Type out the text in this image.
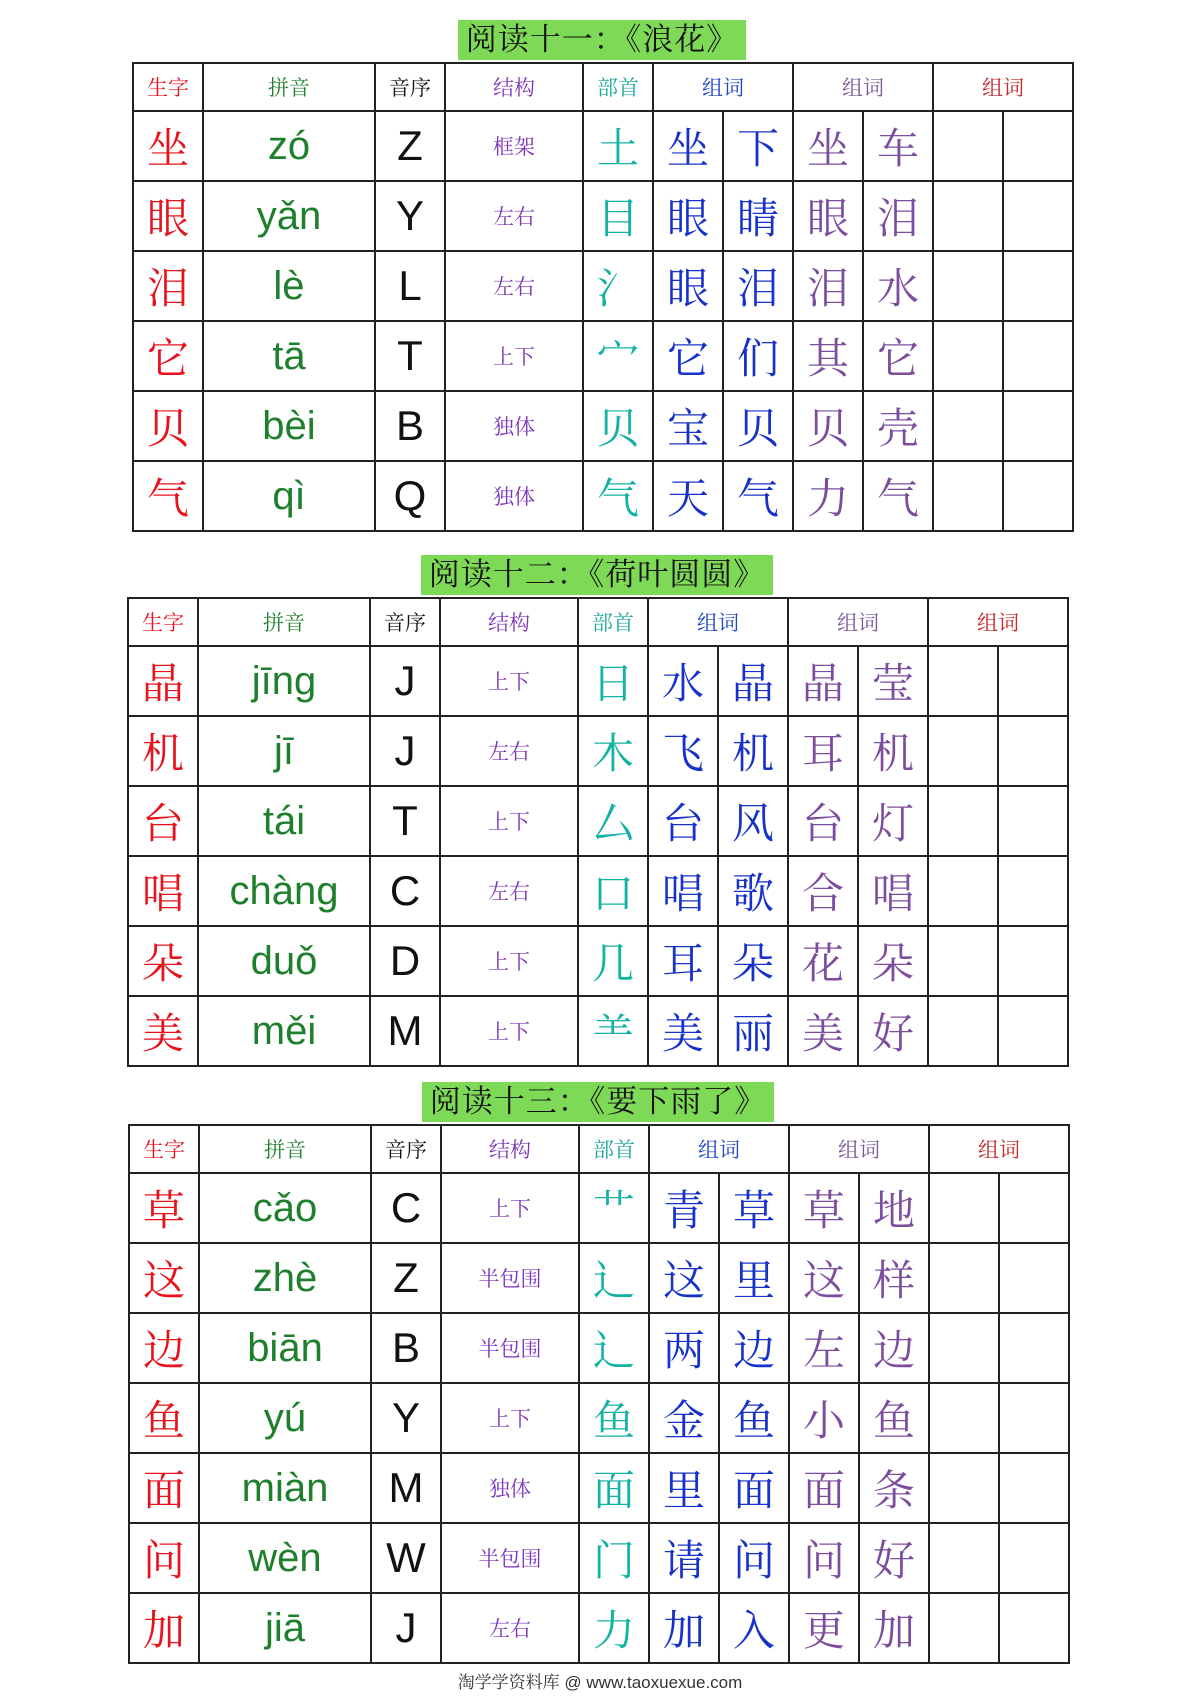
阅读十一：《浪花》
生字	拼音	音序	结构	部首	组词		组词		组词	
坐	zó	Z	框架	土	坐	下	坐	车		
眼	yǎn	Y	左右	目	眼	睛	眼	泪		
泪	lè	L	左右	氵	眼	泪	泪	水		
它	tā	T	上下	宀	它	们	其	它		
贝	bèi	B	独体	贝	宝	贝	贝	壳		
气	qì	Q	独体	气	天	气	力	气		
阅读十二：《荷叶圆圆》
生字	拼音	音序	结构	部首	组词		组词		组词	
晶	jīng	J	上下	日	水	晶	晶	莹		
机	jī	J	左右	木	飞	机	耳	机		
台	tái	T	上下	厶	台	风	台	灯		
唱	chàng	C	左右	口	唱	歌	合	唱		
朵	duǒ	D	上下	几	耳	朵	花	朵		
美	měi	M	上下	⺷	美	丽	美	好		
阅读十三：《要下雨了》
生字	拼音	音序	结构	部首	组词		组词		组词	
草	cǎo	C	上下	艹	青	草	草	地		
这	zhè	Z	半包围	辶	这	里	这	样		
边	biān	B	半包围	辶	两	边	左	边		
鱼	yú	Y	上下	鱼	金	鱼	小	鱼		
面	miàn	M	独体	面	里	面	面	条		
问	wèn	W	半包围	门	请	问	问	好		
加	jiā	J	左右	力	加	入	更	加		
淘学学资料库 @ www.taoxuexue.com
